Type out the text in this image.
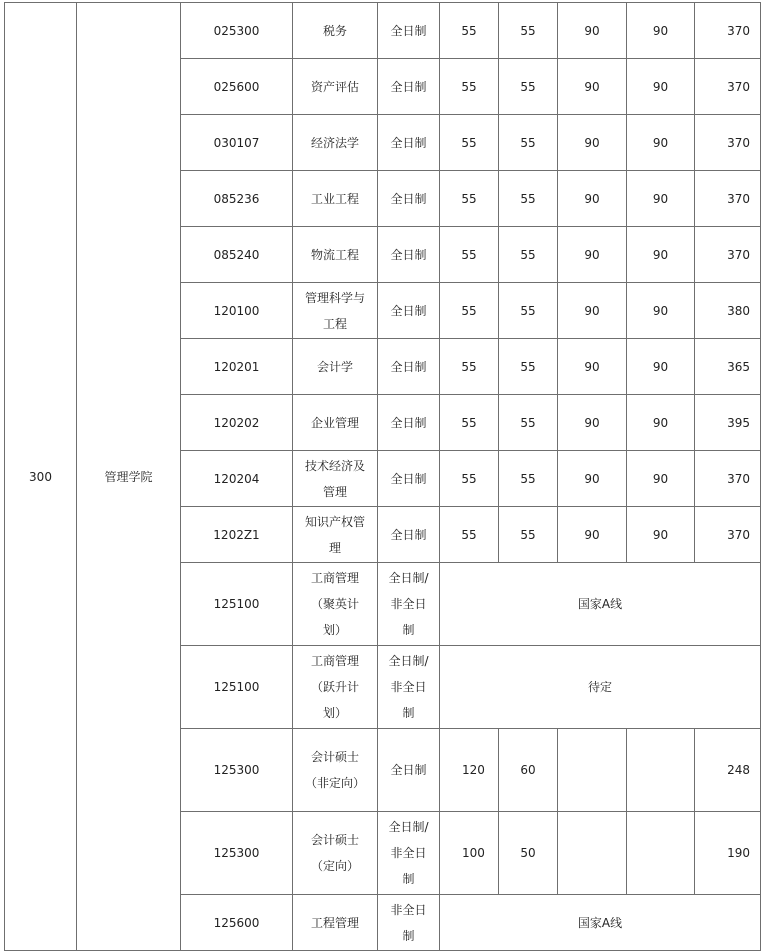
300	管理学院	025300	税务	全日制	55	55	90	90	370
		025600	资产评估	全日制	55	55	90	90	370
		030107	经济法学	全日制	55	55	90	90	370
		085236	工业工程	全日制	55	55	90	90	370
		085240	物流工程	全日制	55	55	90	90	370
		120100	管理科学与工程	全日制	55	55	90	90	380
		120201	会计学	全日制	55	55	90	90	365
		120202	企业管理	全日制	55	55	90	90	395
		120204	技术经济及管理	全日制	55	55	90	90	370
		1202Z1	知识产权管理	全日制	55	55	90	90	370
		125100	工商管理（聚英计划）	全日制/非全日制	国家A线				
		125100	工商管理（跃升计划）	全日制/非全日制	待定				
		125300	会计硕士（非定向）	全日制	120	60			248
		125300	会计硕士（定向）	全日制/非全日制	100	50			190
		125600	工程管理	非全日制	国家A线				
